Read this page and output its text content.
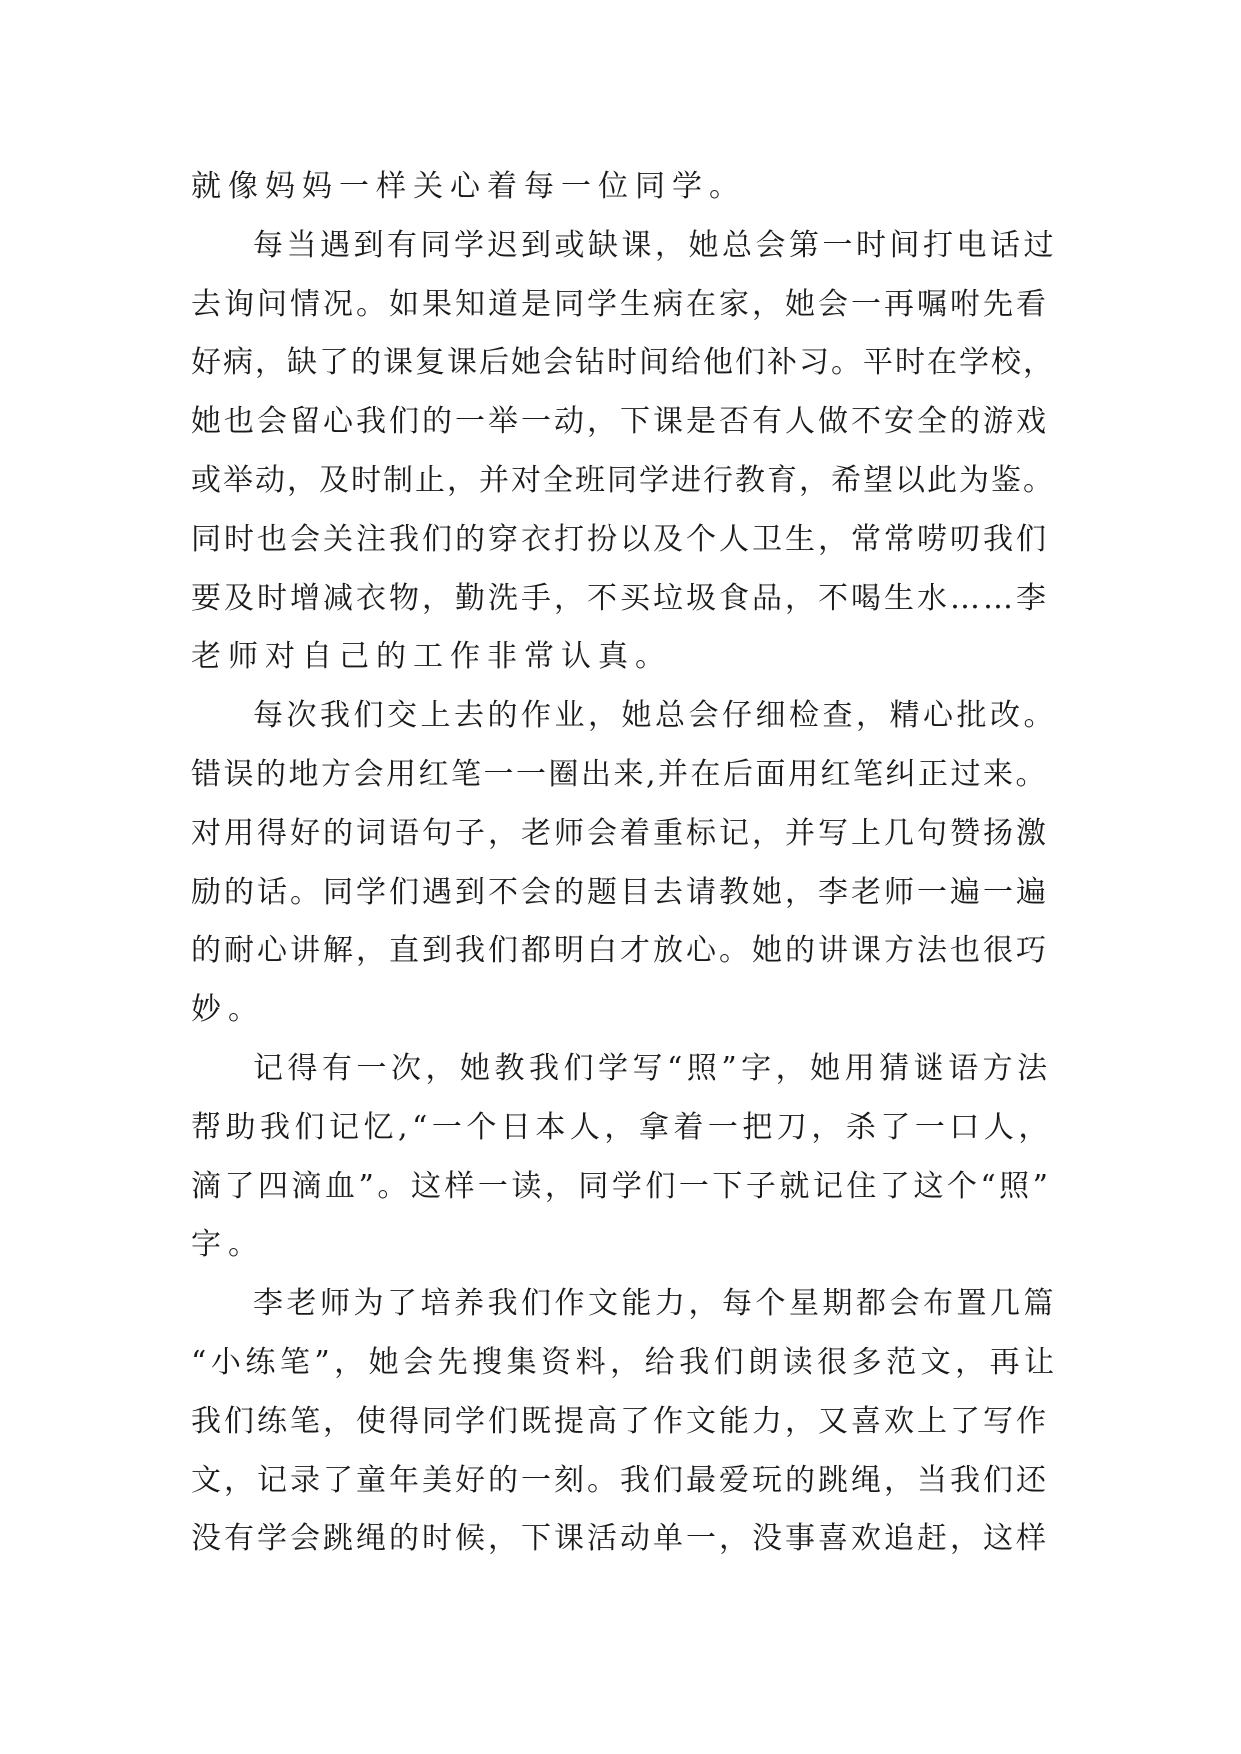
就像妈妈一样关心着每一位同学。
每当遇到有同学迟到或缺课，她总会第一时间打电话过
去询问情况。如果知道是同学生病在家，她会一再嘱咐先看
好病，缺了的课复课后她会钻时间给他们补习。平时在学校，
她也会留心我们的一举一动，下课是否有人做不安全的游戏
或举动，及时制止，并对全班同学进行教育，希望以此为鉴。
同时也会关注我们的穿衣打扮以及个人卫生，常常唠叨我们
要及时增减衣物，勤洗手，不买垃圾食品，不喝生水……李
老师对自己的工作非常认真。
每次我们交上去的作业，她总会仔细检查，精心批改。
错误的地方会用红笔一一圈出来,并在后面用红笔纠正过来。
对用得好的词语句子，老师会着重标记，并写上几句赞扬激
励的话。同学们遇到不会的题目去请教她，李老师一遍一遍
的耐心讲解，直到我们都明白才放心。她的讲课方法也很巧
妙。
记得有一次，她教我们学写“照”字，她用猜谜语方法
帮助我们记忆,“一个日本人，拿着一把刀，杀了一口人，
滴了四滴血”。这样一读，同学们一下子就记住了这个“照”
字。
李老师为了培养我们作文能力，每个星期都会布置几篇
“小练笔”，她会先搜集资料，给我们朗读很多范文，再让
我们练笔，使得同学们既提高了作文能力，又喜欢上了写作
文，记录了童年美好的一刻。我们最爱玩的跳绳，当我们还
没有学会跳绳的时候，下课活动单一，没事喜欢追赶，这样
